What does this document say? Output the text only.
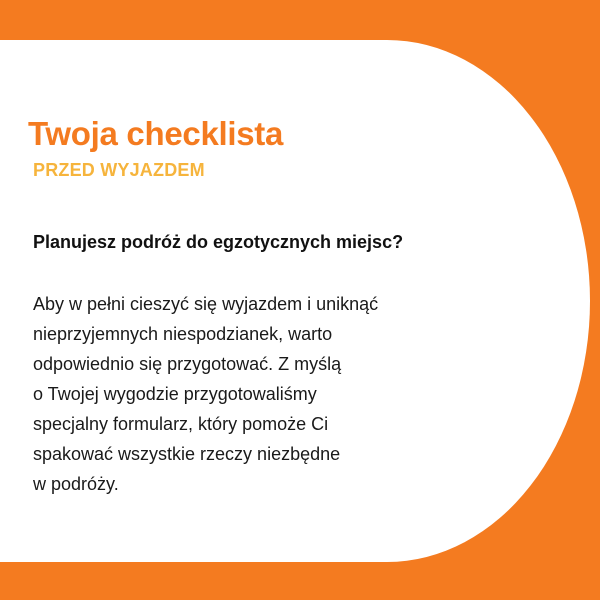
Twoja checklista
PRZED WYJAZDEM

Planujesz podróż do egzotycznych miejsc?

Aby w pełni cieszyć się wyjazdem i uniknąć
nieprzyjemnych niespodzianek, warto
odpowiednio się przygotować. Z myślą
o Twojej wygodzie przygotowaliśmy
specjalny formularz, który pomoże Ci
spakować wszystkie rzeczy niezbędne
w podróży.
